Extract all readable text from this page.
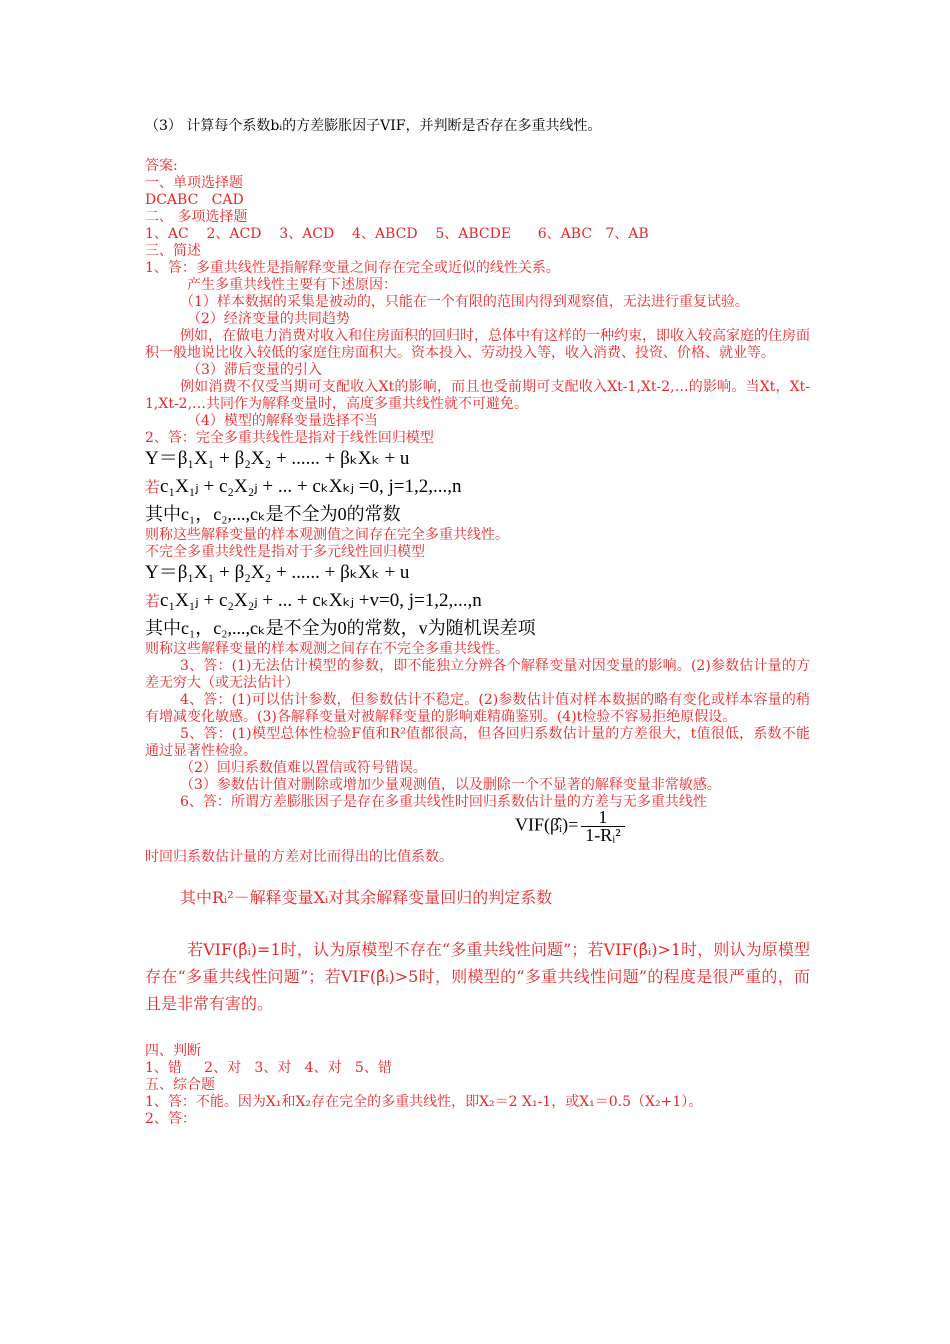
（3） 计算每个系数bᵢ的方差膨胀因子VIF，并判断是否存在多重共线性。
答案:
一、单项选择题
DCABC   CAD
二、 多项选择题
1、AC    2、ACD    3、ACD    4、ABCD    5、ABCDE      6、ABC   7、AB
三、简述
1、答：多重共线性是指解释变量之间存在完全或近似的线性关系。
产生多重共线性主要有下述原因：
（1）样本数据的采集是被动的，只能在一个有限的范围内得到观察值，无法进行重复试验。
（2）经济变量的共同趋势
例如，在做电力消费对收入和住房面积的回归时，总体中有这样的一种约束，即收入较高家庭的住房面积一般地说比收入较低的家庭住房面积大。资本投入、劳动投入等，收入消费、投资、价格、就业等。
（3）滞后变量的引入
例如消费不仅受当期可支配收入Xt的影响，而且也受前期可支配收入Xt-1,Xt-2,…的影响。当Xt，Xt-1,Xt-2,…共同作为解释变量时，高度多重共线性就不可避免。
（4）模型的解释变量选择不当
2、答：完全多重共线性是指对于线性回归模型
Y＝β₁X₁ + β₂X₂ + ...... + βₖXₖ + u
若c₁X₁ⱼ + c₂X₂ⱼ + ... + cₖXₖⱼ =0, j=1,2,...,n
其中c₁，c₂,...,cₖ是不全为0的常数
则称这些解释变量的样本观测值之间存在完全多重共线性。
不完全多重共线性是指对于多元线性回归模型
Y＝β₁X₁ + β₂X₂ + ...... + βₖXₖ + u
若c₁X₁ⱼ + c₂X₂ⱼ + ... + cₖXₖⱼ +v=0, j=1,2,...,n
其中c₁，c₂,...,cₖ是不全为0的常数，v为随机误差项
则称这些解释变量的样本观测之间存在不完全多重共线性。
3、答：(1)无法估计模型的参数，即不能独立分辨各个解释变量对因变量的影响。(2)参数估计量的方差无穷大（或无法估计）
4、答：(1)可以估计参数，但参数估计不稳定。(2)参数估计值对样本数据的略有变化或样本容量的稍有增减变化敏感。(3)各解释变量对被解释变量的影响难精确鉴别。(4)t检验不容易拒绝原假设。
5、答：(1)模型总体性检验F值和R²值都很高，但各回归系数估计量的方差很大，t值很低，系数不能通过显著性检验。
（2）回归系数值难以置信或符号错误。
（3）参数估计值对删除或增加少量观测值，以及删除一个不显著的解释变量非常敏感。
6、答：所谓方差膨胀因子是存在多重共线性时回归系数估计量的方差与无多重共线性
VIF(β̂ᵢ)= $\frac{1}{\text{1-Rᵢ²}}$
时回归系数估计量的方差对比而得出的比值系数。
其中Rᵢ²－解释变量Xᵢ对其余解释变量回归的判定系数
若VIF(β̂ᵢ)=1时，认为原模型不存在“多重共线性问题”；若VIF(β̂ᵢ)>1时，则认为原模型存在“多重共线性问题”；若VIF(β̂ᵢ)>5时，则模型的“多重共线性问题”的程度是很严重的，而且是非常有害的。
四、判断
1、错     2、对   3、对   4、对   5、错
五、综合题
1、答：不能。因为X₁和X₂存在完全的多重共线性，即X₂＝2 X₁-1，或X₁＝0.5（X₂+1）。
2、答：
